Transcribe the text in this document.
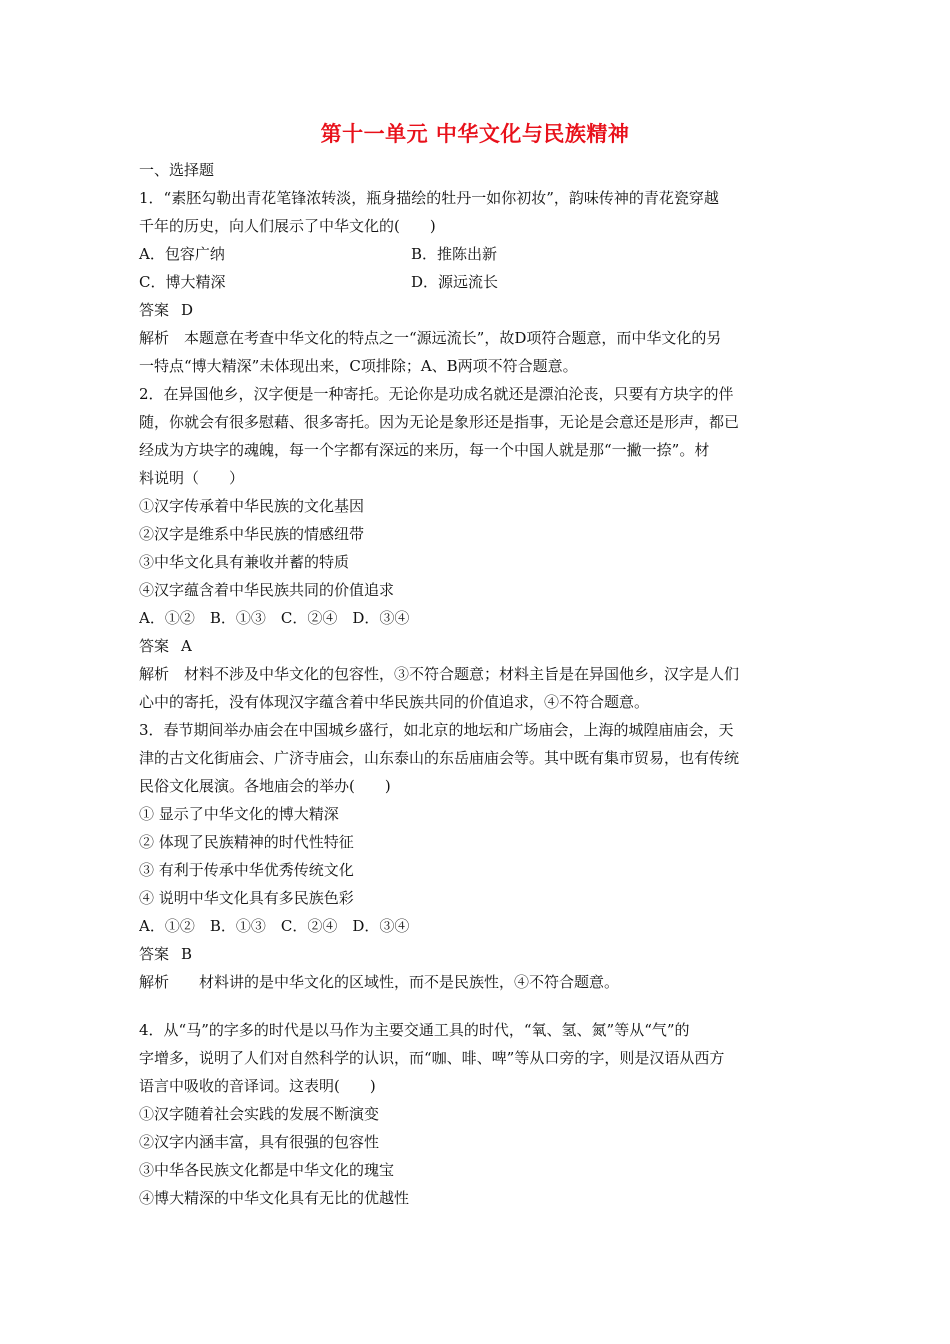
第十一单元 中华文化与民族精神
一、选择题
1．“素胚勾勒出青花笔锋浓转淡，瓶身描绘的牡丹一如你初妆”，韵味传神的青花瓷穿越
千年的历史，向人们展示了中华文化的(　　)
A．包容广纳	B．推陈出新
C．博大精深	D．源远流长
答案 D
解析　本题意在考查中华文化的特点之一“源远流长”，故D项符合题意，而中华文化的另
一特点“博大精深”未体现出来，C项排除；A、B两项不符合题意。
2．在异国他乡，汉字便是一种寄托。无论你是功成名就还是漂泊沦丧，只要有方块字的伴
随，你就会有很多慰藉、很多寄托。因为无论是象形还是指事，无论是会意还是形声，都已
经成为方块字的魂魄，每一个字都有深远的来历，每一个中国人就是那“一撇一捺”。材
料说明（　　）
①汉字传承着中华民族的文化基因
②汉字是维系中华民族的情感纽带
③中华文化具有兼收并蓄的特质
④汉字蕴含着中华民族共同的价值追求
A．①②　B．①③　C．②④　D．③④
答案 A
解析　材料不涉及中华文化的包容性，③不符合题意；材料主旨是在异国他乡，汉字是人们
心中的寄托，没有体现汉字蕴含着中华民族共同的价值追求，④不符合题意。
3．春节期间举办庙会在中国城乡盛行，如北京的地坛和广场庙会，上海的城隍庙庙会，天
津的古文化街庙会、广济寺庙会，山东泰山的东岳庙庙会等。其中既有集市贸易，也有传统
民俗文化展演。各地庙会的举办(　　)
① 显示了中华文化的博大精深
② 体现了民族精神的时代性特征
③ 有利于传承中华优秀传统文化
④ 说明中华文化具有多民族色彩
A．①②　B．①③　C．②④　D．③④
答案 B
解析　　材料讲的是中华文化的区域性，而不是民族性，④不符合题意。
4．从“马”的字多的时代是以马作为主要交通工具的时代，“氧、氢、氮”等从“气”的
字增多，说明了人们对自然科学的认识，而“咖、啡、啤”等从口旁的字，则是汉语从西方
语言中吸收的音译词。这表明(　　)
①汉字随着社会实践的发展不断演变
②汉字内涵丰富，具有很强的包容性
③中华各民族文化都是中华文化的瑰宝
④博大精深的中华文化具有无比的优越性
